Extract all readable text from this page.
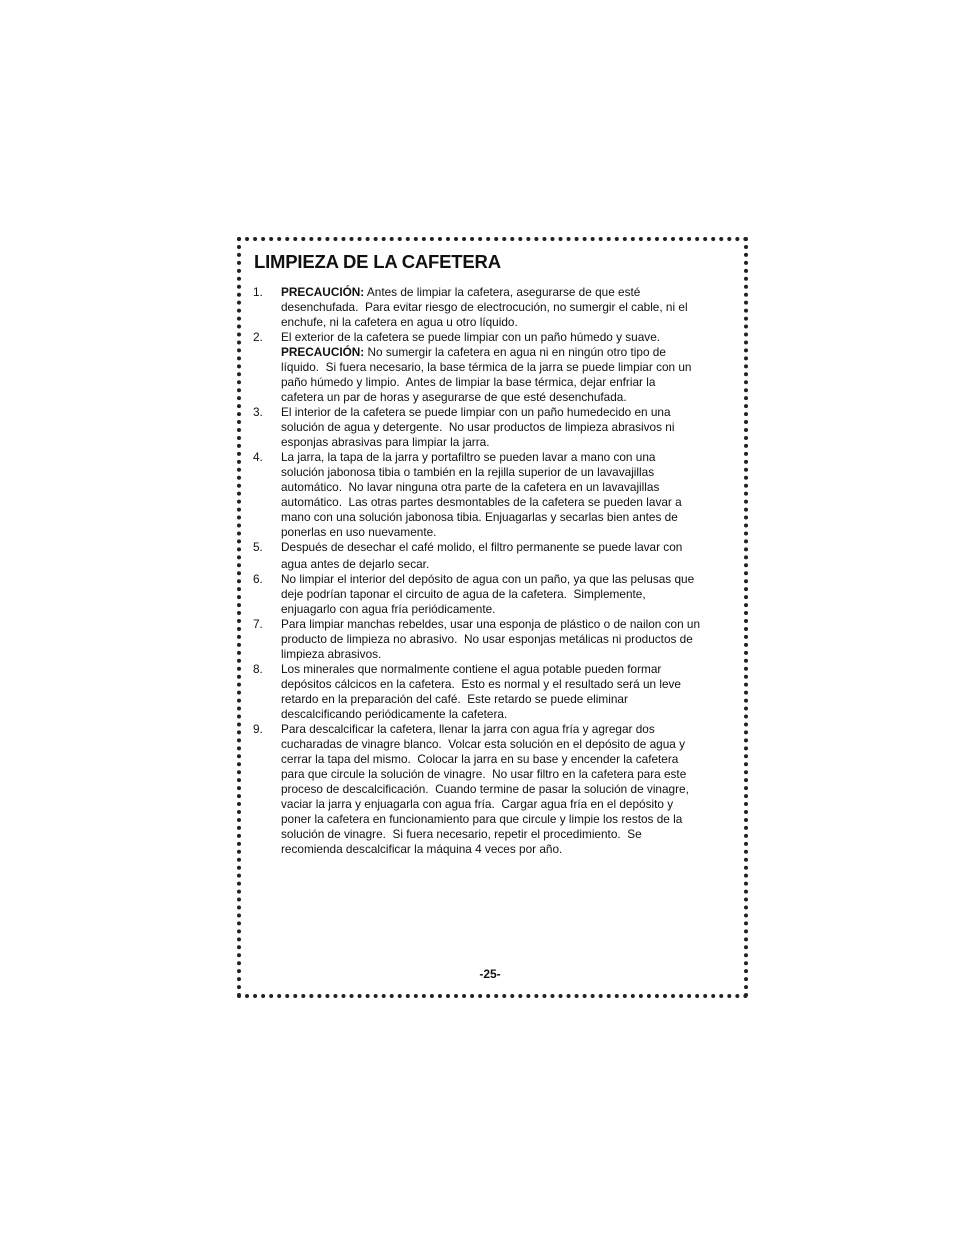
LIMPIEZA DE LA CAFETERA
1.	PRECAUCIÓN: Antes de limpiar la cafetera, asegurarse de que esté
desenchufada.  Para evitar riesgo de electrocución, no sumergir el cable, ni el
enchufe, ni la cafetera en agua u otro líquido.
2.	El exterior de la cafetera se puede limpiar con un paño húmedo y suave.
PRECAUCIÓN: No sumergir la cafetera en agua ni en ningún otro tipo de
líquido.  Si fuera necesario, la base térmica de la jarra se puede limpiar con un
paño húmedo y limpio.  Antes de limpiar la base térmica, dejar enfriar la
cafetera un par de horas y asegurarse de que esté desenchufada.
3.	El interior de la cafetera se puede limpiar con un paño humedecido en una
solución de agua y detergente.  No usar productos de limpieza abrasivos ni
esponjas abrasivas para limpiar la jarra.
4.	La jarra, la tapa de la jarra y portafiltro se pueden lavar a mano con una
solución jabonosa tibia o también en la rejilla superior de un lavavajillas
automático.  No lavar ninguna otra parte de la cafetera en un lavavajillas
automático.  Las otras partes desmontables de la cafetera se pueden lavar a
mano con una solución jabonosa tibia. Enjuagarlas y secarlas bien antes de
ponerlas en uso nuevamente.
5.	Después de desechar el café molido, el filtro permanente se puede lavar con
agua antes de dejarlo secar.
6.	No limpiar el interior del depósito de agua con un paño, ya que las pelusas que
deje podrían taponar el circuito de agua de la cafetera.  Simplemente,
enjuagarlo con agua fría periódicamente.
7.	Para limpiar manchas rebeldes, usar una esponja de plástico o de nailon con un
producto de limpieza no abrasivo.  No usar esponjas metálicas ni productos de
limpieza abrasivos.
8.	Los minerales que normalmente contiene el agua potable pueden formar
depósitos cálcicos en la cafetera.  Esto es normal y el resultado será un leve
retardo en la preparación del café.  Este retardo se puede eliminar
descalcificando periódicamente la cafetera.
9.	Para descalcificar la cafetera, llenar la jarra con agua fría y agregar dos
cucharadas de vinagre blanco.  Volcar esta solución en el depósito de agua y
cerrar la tapa del mismo.  Colocar la jarra en su base y encender la cafetera
para que circule la solución de vinagre.  No usar filtro en la cafetera para este
proceso de descalcificación.  Cuando termine de pasar la solución de vinagre,
vaciar la jarra y enjuagarla con agua fría.  Cargar agua fría en el depósito y
poner la cafetera en funcionamiento para que circule y limpie los restos de la
solución de vinagre.  Si fuera necesario, repetir el procedimiento.  Se
recomienda descalcificar la máquina 4 veces por año.
-25-
